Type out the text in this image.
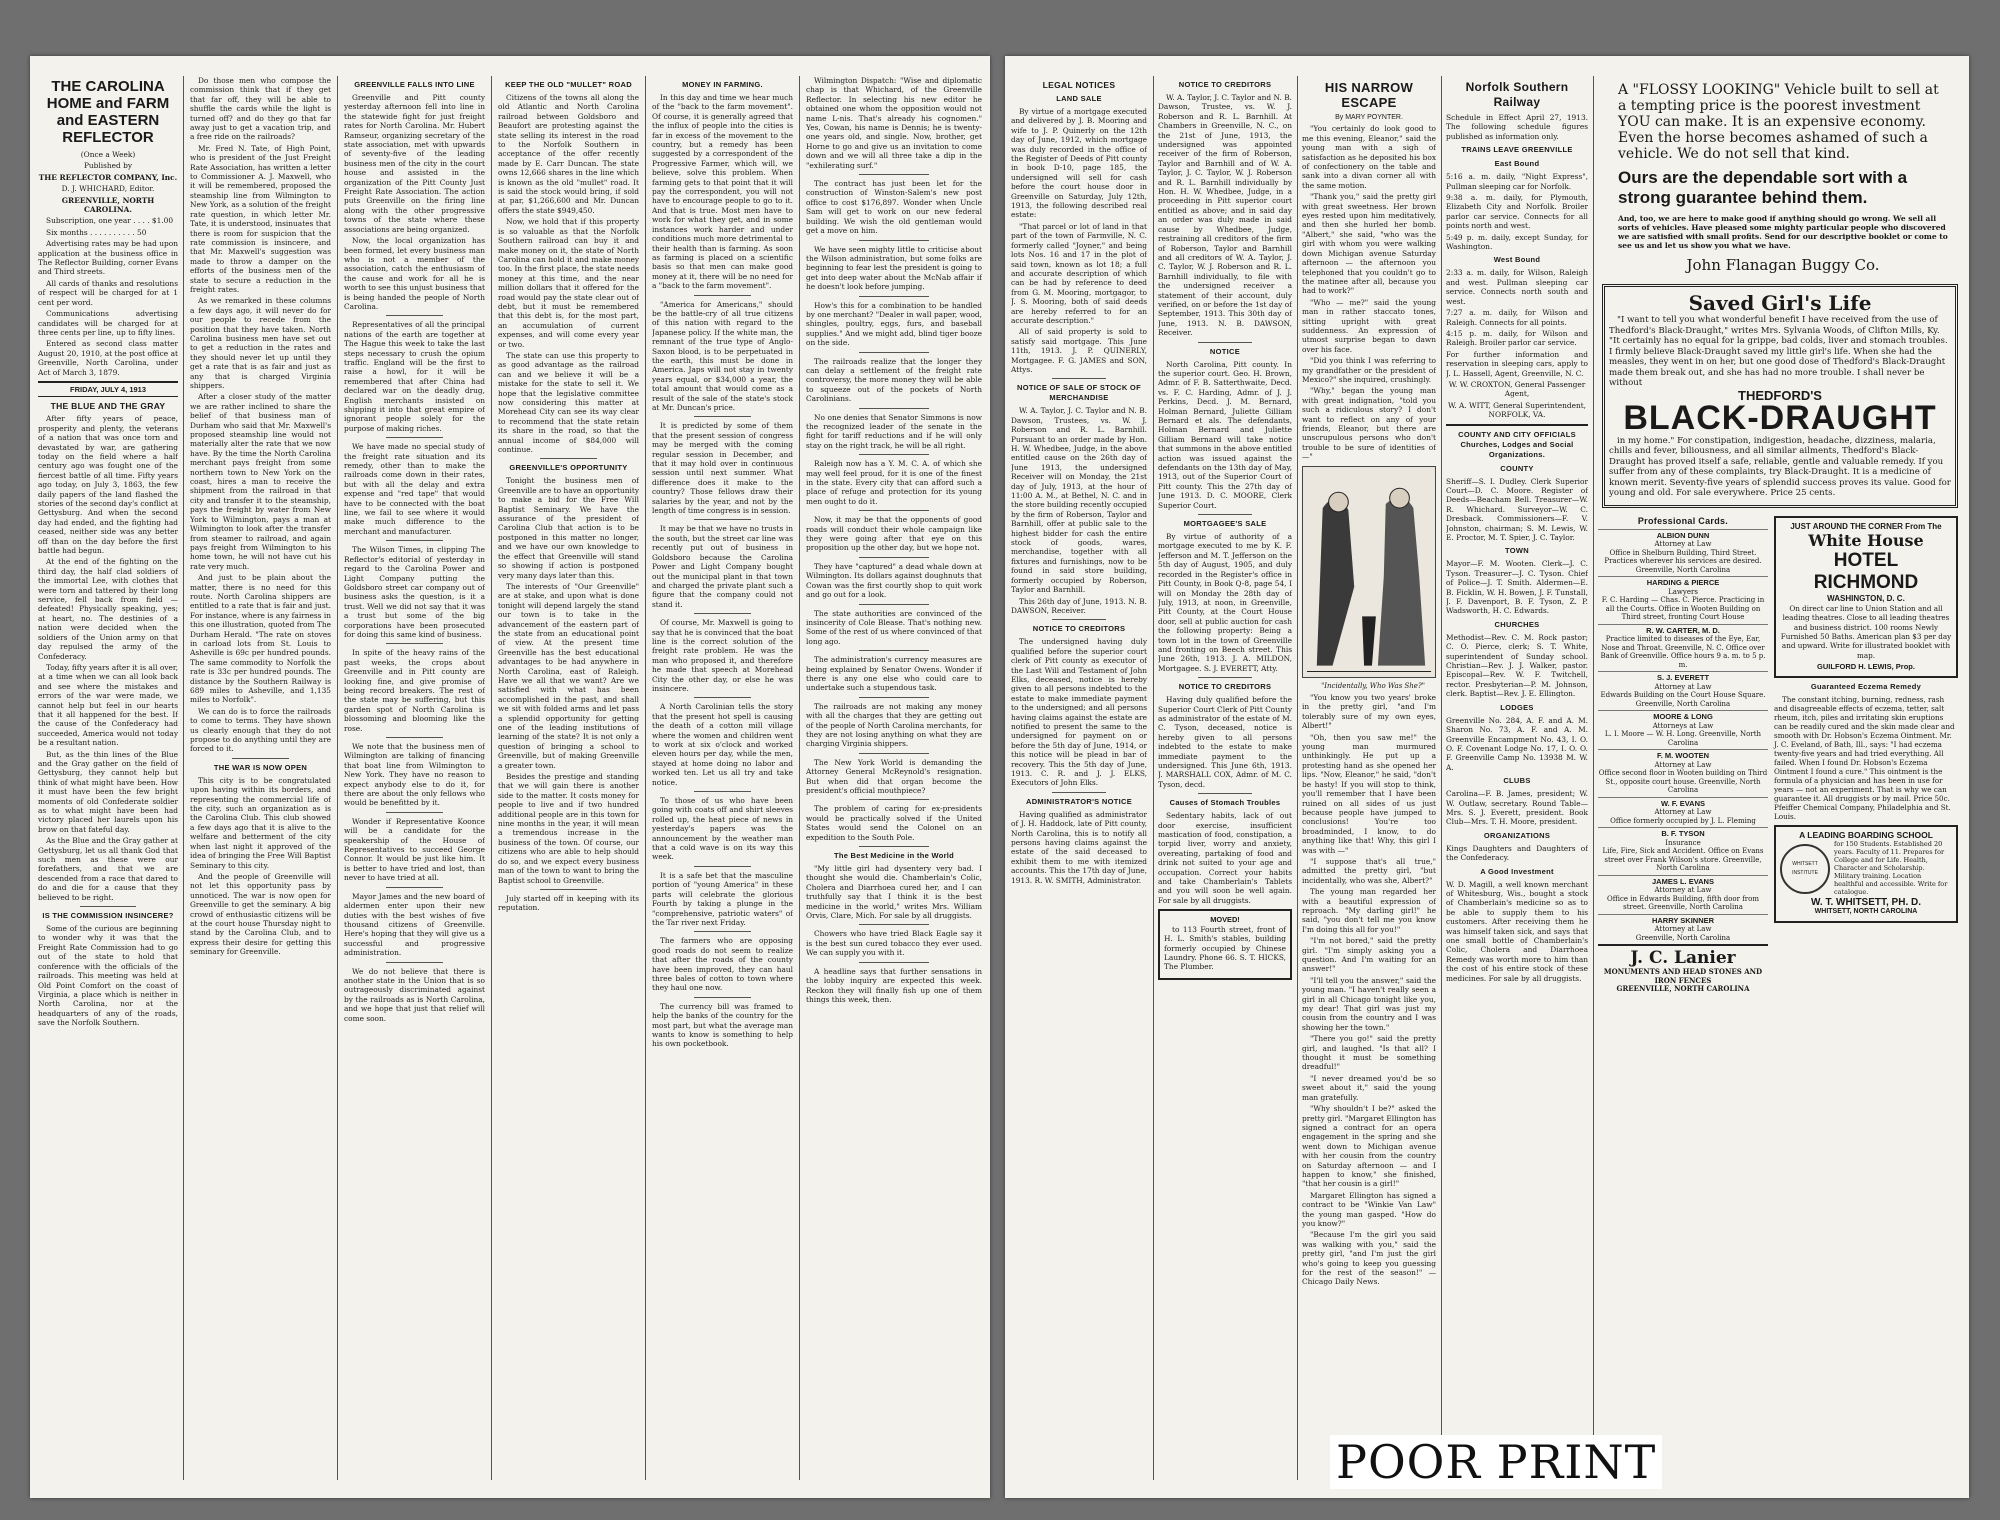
THE CAROLINA HOME and FARM and EASTERN REFLECTOR

(Once a Week)

Published by

THE REFLECTOR COMPANY, Inc.

D. J. WHICHARD, Editor.

GREENVILLE, NORTH CAROLINA.

Subscription, one year . . . . $1.00

Six months . . . . . . . . . . 50

Advertising rates may be had upon application at the business office in The Reflector Building, corner Evans and Third streets.

All cards of thanks and resolutions of respect will be charged for at 1 cent per word.

Communications advertising candidates will be charged for at three cents per line, up to fifty lines.

Entered as second class matter August 20, 1910, at the post office at Greenville, North Carolina, under Act of March 3, 1879.

FRIDAY, JULY 4, 1913
THE BLUE AND THE GRAY

After fifty years of peace, prosperity and plenty, the veterans of a nation that was once torn and devastated by war, are gathering today on the field where a half century ago was fought one of the fiercest battle of all time. Fifty years ago today, on July 3, 1863, the few daily papers of the land flashed the stories of the second day's conflict at Gettysburg. And when the second day had ended, and the fighting had ceased, neither side was any better off than on the day before the first battle had begun.

At the end of the fighting on the third day, the half clad soldiers of the immortal Lee, with clothes that were torn and tattered by their long service, fell back from field — defeated! Physically speaking, yes; at heart, no. The destinies of a nation were decided when the soldiers of the Union army on that day repulsed the army of the Confederacy.

Today, fifty years after it is all over, at a time when we can all look back and see where the mistakes and errors of the war were made, we cannot help but feel in our hearts that it all happened for the best. If the cause of the Confederacy had succeeded, America would not today be a resultant nation.

But, as the thin lines of the Blue and the Gray gather on the field of Gettysburg, they cannot help but think of what might have been. How it must have been the few bright moments of old Confederate soldier as to what might have been had victory placed her laurels upon his brow on that fateful day.

As the Blue and the Gray gather at Gettysburg, let us all thank God that such men as these were our forefathers, and that we are descended from a race that dared to do and die for a cause that they believed to be right.

IS THE COMMISSION INSINCERE?

Some of the curious are beginning to wonder why it was that the Freight Rate Commission had to go out of the state to hold that conference with the officials of the railroads. This meeting was held at Old Point Comfort on the coast of Virginia, a place which is neither in North Carolina, nor at the headquarters of any of the roads, save the Norfolk Southern.

Do those men who compose the commission think that if they get that far off, they will be able to shuffle the cards while the light is turned off? and do they go that far away just to get a vacation trip, and a free ride on the railroads?

Mr. Fred N. Tate, of High Point, who is president of the Just Freight Rate Association, has written a letter to Commissioner A. J. Maxwell, who it will be remembered, proposed the steamship line from Wilmington to New York, as a solution of the freight rate question, in which letter Mr. Tate, it is understood, insinuates that there is room for suspicion that the rate commission is insincere, and that Mr. Maxwell's suggestion was made to throw a damper on the efforts of the business men of the state to secure a reduction in the freight rates.

As we remarked in these columns a few days ago, it will never do for our people to recede from the position that they have taken. North Carolina business men have set out to get a reduction in the rates and they should never let up until they get a rate that is as fair and just as any that is charged Virginia shippers.

After a closer study of the matter we are rather inclined to share the belief of that business man of Durham who said that Mr. Maxwell's proposed steamship line would not materially alter the rate that we now have. By the time the North Carolina merchant pays freight from some northern town to New York on the coast, hires a man to receive the shipment from the railroad in that city and transfer it to the steamship, pays the freight by water from New York to Wilmington, pays a man at Wilmington to look after the transfer from steamer to railroad, and again pays freight from Wilmington to his home town, he will not have cut his rate very much.

And just to be plain about the matter, there is no need for this route. North Carolina shippers are entitled to a rate that is fair and just. For instance, where is any fairness in this one illustration, quoted from The Durham Herald. "The rate on stoves in carload lots from St. Louis to Asheville is 69c per hundred pounds. The same commodity to Norfolk the rate is 33c per hundred pounds. The distance by the Southern Railway is 689 miles to Asheville, and 1,135 miles to Norfolk".

We can do is to force the railroads to come to terms. They have shown us clearly enough that they do not propose to do anything until they are forced to it.

THE WAR IS NOW OPEN

This city is to be congratulated upon having within its borders, and representing the commercial life of the city, such an organization as is the Carolina Club. This club showed a few days ago that it is alive to the welfare and betterment of the city when last night it approved of the idea of bringing the Free Will Baptist Seminary to this city.

And the people of Greenville will not let this opportunity pass by unnoticed. The war is now open for Greenville to get the seminary. A big crowd of enthusiastic citizens will be at the court house Thursday night to stand by the Carolina Club, and to express their desire for getting this seminary for Greenville.

GREENVILLE FALLS INTO LINE

Greenville and Pitt county yesterday afternoon fell into line in the statewide fight for just freight rates for North Carolina. Mr. Hubert Ramseur, organizing secretary of the state association, met with upwards of seventy-five of the leading business men of the city in the court house and assisted in the organization of the Pitt County Just Freight Rate Association. The action puts Greenville on the firing line along with the other progressive towns of the state where these associations are being organized.

Now, the local organization has been formed, let every business man who is not a member of the association, catch the enthusiasm of the cause and work for all he is worth to see this unjust business that is being handed the people of North Carolina.

Representatives of all the principal nations of the earth are together at The Hague this week to take the last steps necessary to crush the opium traffic. England will be the first to raise a howl, for it will be remembered that after China had declared war on the deadly drug, English merchants insisted on shipping it into that great empire of ignorant people solely for the purpose of making riches.

We have made no special study of the freight rate situation and its remedy, other than to make the railroads come down in their rates, but with all the delay and extra expense and "red tape" that would have to be connected with the boat line, we fail to see where it would make much difference to the merchant and manufacturer.

The Wilson Times, in clipping The Reflector's editorial of yesterday in regard to the Carolina Power and Light Company putting the Goldsboro street car company out of business asks the question, is it a trust. Well we did not say that it was a trust but some of the big corporations have been prosecuted for doing this same kind of business.

In spite of the heavy rains of the past weeks, the crops about Greenville and in Pitt county are looking fine, and give promise of being record breakers. The rest of the state may be suffering, but this garden spot of North Carolina is blossoming and blooming like the rose.

We note that the business men of Wilmington are talking of financing that boat line from Wilmington to New York. They have no reason to expect anybody else to do it, for there are about the only fellows who would be benefitted by it.

Wonder if Representative Koonce will be a candidate for the speakership of the House of Representatives to succeed George Connor. It would be just like him. It is better to have tried and lost, than never to have tried at all.

Mayor James and the new board of aldermen enter upon their new duties with the best wishes of five thousand citizens of Greenville. Here's hoping that they will give us a successful and progressive administration.

We do not believe that there is another state in the Union that is so outrageously discriminated against by the railroads as is North Carolina, and we hope that just that relief will come soon.

KEEP THE OLD "MULLET" ROAD

Citizens of the towns all along the old Atlantic and North Carolina railroad between Goldsboro and Beaufort are protesting against the state selling its interest in the road to the Norfolk Southern in acceptance of the offer recently made by E. Carr Duncan. The state owns 12,666 shares in the line which is known as the old "mullet" road. It is said the stock would bring, if sold at par, $1,266,600 and Mr. Duncan offers the state $949,450.

Now, we hold that if this property is so valuable as that the Norfolk Southern railroad can buy it and make money on it, the state of North Carolina can hold it and make money too. In the first place, the state needs money at this time, and the near million dollars that it offered for the road would pay the state clear out of debt, but it must be remembered that this debt is, for the most part, an accumulation of current expenses, and will come every year or two.

The state can use this property to as good advantage as the railroad can and we believe it will be a mistake for the state to sell it. We hope that the legislative committee now considering this matter at Morehead City can see its way clear to recommend that the state retain its share in the road, so that the annual income of $84,000 will continue.

GREENVILLE'S OPPORTUNITY

Tonight the business men of Greenville are to have an opportunity to make a bid for the Free Will Baptist Seminary. We have the assurance of the president of Carolina Club that action is to be postponed in this matter no longer, and we have our own knowledge to the effect that Greenville will stand so showing if action is postponed very many days later than this.

The interests of "Our Greenville" are at stake, and upon what is done tonight will depend largely the stand our town is to take in the advancement of the eastern part of the state from an educational point of view. At the present time Greenville has the best educational advantages to be had anywhere in North Carolina, east of Raleigh. Have we all that we want? Are we satisfied with what has been accomplished in the past, and shall we sit with folded arms and let pass a splendid opportunity for getting one of the leading institutions of learning of the state? It is not only a question of bringing a school to Greenville, but of making Greenville a greater town.

Besides the prestige and standing that we will gain there is another side to the matter. It costs money for people to live and if two hundred additional people are in this town for nine months in the year, it will mean a tremendous increase in the business of the town. Of course, our citizens who are able to help should do so, and we expect every business man of the town to want to bring the Baptist school to Greenville.

July started off in keeping with its reputation.

MONEY IN FARMING.

In this day and time we hear much of the "back to the farm movement". Of course, it is generally agreed that the influx of people into the cities is far in excess of the movement to the country, but a remedy has been suggested by a correspondent of the Progressive Farmer, which will, we believe, solve this problem. When farming gets to that point that it will pay the correspondent, you will not have to encourage people to go to it. And that is true. Most men have to work for what they get, and in some instances work harder and under conditions much more detrimental to their health than is farming. As soon as farming is placed on a scientific basis so that men can make good money at it, there will be no need for a "back to the farm movement".

"America for Americans," should be the battle-cry of all true citizens of this nation with regard to the Japanese policy. If the white man, the remnant of the true type of Anglo-Saxon blood, is to be perpetuated in the earth, this must be done in America. Japs will not stay in twenty years equal, or $34,000 a year, the total amount that would come as a result of the sale of the state's stock at Mr. Duncan's price.

It is predicted by some of them that the present session of congress may be merged with the coming regular session in December, and that it may hold over in continuous session until next summer. What difference does it make to the country? Those fellows draw their salaries by the year, and not by the length of time congress is in session.

It may be that we have no trusts in the south, but the street car line was recently put out of business in Goldsboro because the Carolina Power and Light Company bought out the municipal plant in that town and charged the private plant such a figure that the company could not stand it.

Of course, Mr. Maxwell is going to say that he is convinced that the boat line is the correct solution of the freight rate problem. He was the man who proposed it, and therefore he made that speech at Morehead City the other day, or else he was insincere.

A North Carolinian tells the story that the present hot spell is causing the death of a cotton mill village where the women and children went to work at six o'clock and worked eleven hours per day, while the men, stayed at home doing no labor and worked ten. Let us all try and take notice.

To those of us who have been going with coats off and shirt sleeves rolled up, the heat piece of news in yesterday's papers was the announcement by the weather man that a cold wave is on its way this week.

It is a safe bet that the masculine portion of "young America" in these parts will celebrate the glorious Fourth by taking a plunge in the "comprehensive, patriotic waters" of the Tar river next Friday.

The farmers who are opposing good roads do not seem to realize that after the roads of the county have been improved, they can haul three bales of cotton to town where they haul one now.

The currency bill was framed to help the banks of the country for the most part, but what the average man wants to know is something to help his own pocketbook.

Wilmington Dispatch: "Wise and diplomatic chap is that Whichard, of the Greenville Reflector. In selecting his new editor he obtained one whom the opposition would not name L-nis. That's already his cognomen." Yes, Cowan, his name is Dennis; he is twenty-one years old, and single. Now, brother, get Horne to go and give us an invitation to come down and we will all three take a dip in the "exhilerating surf."

The contract has just been let for the construction of Winston-Salem's new post office to cost $176,897. Wonder when Uncle Sam will get to work on our new federal building. We wish the old gentleman would get a move on him.

We have seen mighty little to criticise about the Wilson administration, but some folks are beginning to fear lest the president is going to get into deep water about the McNab affair if he doesn't look before jumping.

How's this for a combination to be handled by one merchant? "Dealer in wall paper, wood, shingles, poultry, eggs, furs, and baseball supplies." And we might add, blind tiger booze on the side.

The railroads realize that the longer they can delay a settlement of the freight rate controversy, the more money they will be able to squeeze out of the pockets of North Carolinians.

No one denies that Senator Simmons is now the recognized leader of the senate in the fight for tariff reductions and if he will only stay on the right track, he will be all right.

Raleigh now has a Y. M. C. A. of which she may well feel proud, for it is one of the finest in the state. Every city that can afford such a place of refuge and protection for its young men ought to do it.

Now, it may be that the opponents of good roads will conduct their whole campaign like they were going after that eye on this proposition up the other day, but we hope not.

They have "captured" a dead whale down at Wilmington. Its dollars against doughnuts that Cowan was the first courtly shop to quit work and go out for a look.

The state authorities are convinced of the insincerity of Cole Blease. That's nothing new. Some of the rest of us where convinced of that long ago.

The administration's currency measures are being explained by Senator Owens. Wonder if there is any one else who could care to undertake such a stupendous task.

The railroads are not making any money with all the charges that they are getting out of the people of North Carolina merchants, for they are not losing anything on what they are charging Virginia shippers.

The New York World is demanding the Attorney General McReynold's resignation. But when did that organ become the president's official mouthpiece?

The problem of caring for ex-presidents would be practically solved if the United States would send the Colonel on an expedition to the South Pole.

The Best Medicine in the World

"My little girl had dysentery very bad. I thought she would die. Chamberlain's Colic, Cholera and Diarrhoea cured her, and I can truthfully say that I think it is the best medicine in the world," writes Mrs. William Orvis, Clare, Mich. For sale by all druggists.

Chowers who have tried Black Eagle say it is the best sun cured tobacco they ever used. We can supply you with it.

A headline says that further sensations in the lobby inquiry are expected this week. Reckon they will finally fish up one of them things this week, then.

LEGAL NOTICES
LAND SALE

By virtue of a mortgage executed and delivered by J. B. Mooring and wife to J. P. Quinerly on the 12th day of June, 1912, which mortgage was duly recorded in the office of the Register of Deeds of Pitt county in book D-10, page 185, the undersigned will sell for cash before the court house door in Greenville on Saturday, July 12th, 1913, the following described real estate:

"That parcel or lot of land in that part of the town of Farmville, N. C. formerly called "Joyner," and being lots Nos. 16 and 17 in the plot of said town, known as lot 18; a full and accurate description of which can be had by reference to deed from G. M. Mooring, mortgagor, to J. S. Mooring, both of said deeds are hereby referred to for an accurate description."

All of said property is sold to satisfy said mortgage. This June 11th, 1913. J. P. QUINERLY, Mortgagee. F. G. JAMES and SON, Attys.

NOTICE OF SALE OF STOCK OF MERCHANDISE

W. A. Taylor, J. C. Taylor and N. B. Dawson, Trustees, vs. W. J. Roberson and R. L. Barnhill. Pursuant to an order made by Hon. H. W. Whedbee, Judge, in the above entitled cause on the 26th day of June 1913, the undersigned Receiver will on Monday, the 21st day of July, 1913, at the hour of 11:00 A. M., at Bethel, N. C. and in the store building recently occupied by the firm of Roberson, Taylor and Barnhill, offer at public sale to the highest bidder for cash the entire stock of goods, wares, merchandise, together with all fixtures and furnishings, now to be found in said store building, formerly occupied by Roberson, Taylor and Barnhill.

This 26th day of June, 1913. N. B. DAWSON, Receiver.

NOTICE TO CREDITORS

The undersigned having duly qualified before the superior court clerk of Pitt county as executor of the Last Will and Testament of John Elks, deceased, notice is hereby given to all persons indebted to the estate to make immediate payment to the undersigned; and all persons having claims against the estate are notified to present the same to the undersigned for payment on or before the 5th day of June, 1914, or this notice will be plead in bar of recovery. This the 5th day of June, 1913. C. R. and J. J. ELKS, Executors of John Elks.

ADMINISTRATOR'S NOTICE

Having qualified as administrator of J. H. Haddock, late of Pitt county, North Carolina, this is to notify all persons having claims against the estate of the said deceased to exhibit them to me with itemized accounts. This the 17th day of June, 1913. R. W. SMITH, Administrator.

NOTICE TO CREDITORS

W. A. Taylor, J. C. Taylor and N. B. Dawson, Trustee, vs. W. J. Roberson and R. L. Barnhill. At Chambers in Greenville, N. C., on the 21st of June, 1913, the undersigned was appointed receiver of the firm of Roberson, Taylor and Barnhill and of W. A. Taylor, J. C. Taylor, W. J. Roberson and R. L. Barnhill individually by Hon. H. W. Whedbee, Judge, in a proceeding in Pitt superior court entitled as above; and in said day an order was duly made in said cause by Whedbee, Judge, restraining all creditors of the firm of Roberson, Taylor and Barnhill and all creditors of W. A. Taylor, J. C. Taylor, W. J. Roberson and R. L. Barnhill individually, to file with the undersigned receiver a statement of their account, duly verified, on or before the 1st day of September, 1913. This 30th day of June, 1913. N. B. DAWSON, Receiver.

NOTICE

North Carolina, Pitt county. In the superior court. Geo. H. Brown, Admr. of F. B. Satterthwaite, Decd. vs. F. C. Harding, Admr. of J. J. Perkins, Decd. J. M. Bernard, Holman Bernard, Juliette Gilliam Bernard et als. The defendants, Holman Bernard and Juliette Gilliam Bernard will take notice that summons in the above entitled action was issued against the defendants on the 13th day of May, 1913, out of the Superior Court of Pitt county. This the 27th day of June 1913. D. C. MOORE, Clerk Superior Court.

MORTGAGEE'S SALE

By virtue of authority of a mortgage executed to me by K. F. Jefferson and M. T. Jefferson on the 5th day of August, 1905, and duly recorded in the Register's office in Pitt County, in Book Q-8, page 54, I will on Monday the 28th day of July, 1913, at noon, in Greenville, Pitt County, at the Court House door, sell at public auction for cash the following property: Being a town lot in the town of Greenville and fronting on Beech street. This June 26th, 1913. J. A. MILDON, Mortgagee. S. J. EVERETT, Atty.

NOTICE TO CREDITORS

Having duly qualified before the Superior Court Clerk of Pitt County as administrator of the estate of M. C. Tyson, deceased, notice is hereby given to all persons indebted to the estate to make immediate payment to the undersigned. This June 6th, 1913. J. MARSHALL COX, Admr. of M. C. Tyson, decd.

Causes of Stomach Troubles

Sedentary habits, lack of out door exercise, insufficient mastication of food, constipation, a torpid liver, worry and anxiety, overeating, partaking of food and drink not suited to your age and occupation. Correct your habits and take Chamberlain's Tablets and you will soon be well again. For sale by all druggists.

MOVED!

to 113 Fourth street, front of H. L. Smith's stables, building formerly occupied by Chinese Laundry. Phone 66. S. T. HICKS, The Plumber.

HIS NARROW ESCAPE

By MARY POYNTER.

"You certainly do look good to me this evening, Eleanor," said the young man with a sigh of satisfaction as he deposited his box of confectionery on the table and sank into a divan corner all with the same motion.

"Thank you," said the pretty girl with great sweetness. Her brown eyes rested upon him meditatively, and then she hurled her bomb. "Albert," she said, "who was the girl with whom you were walking down Michigan avenue Saturday afternoon — the afternoon you telephoned that you couldn't go to the matinee after all, because you had to work?"

"Who — me?" said the young man in rather staccato tones, sitting upright with great suddenness. An expression of utmost surprise began to dawn over his face.

"Did you think I was referring to my grandfather or the president of Mexico?" she inquired, crushingly.

"Why," began the young man with great indignation, "told you such a ridiculous story? I don't want to reflect on any of your friends, Eleanor, but there are unscrupulous persons who don't trouble to be sure of identities of —"

"Incidentally, Who Was She?"

"You know you two years' broke in the pretty girl, "and I'm tolerably sure of my own eyes, Albert!"

"Oh, then you saw me!" the young man murmured unthinkingly. He put up a protesting hand as she opened her lips. "Now, Eleanor," he said, "don't be hasty! If you will stop to think, you'll remember that I have been ruined on all sides of us just because people have jumped to conclusions! You're too broadminded, I know, to do anything like that! Why, this girl I was with —"

"I suppose that's all true," admitted the pretty girl, "but incidentally, who was she, Albert?"

The young man regarded her with a beautiful expression of reproach. "My darling girl!" he said, "you don't tell me you know I'm doing this all for you!"

"I'm not bored," said the pretty girl. "I'm simply asking you a question. And I'm waiting for an answer!"

"I'll tell you the answer," said the young man. "I haven't really seen a girl in all Chicago tonight like you, my dear! That girl was just my cousin from the country and I was showing her the town."

"There you go!" said the pretty girl, and laughed. "Is that all? I thought it must be something dreadful!"

"I never dreamed you'd be so sweet about it," said the young man gratefully.

"Why shouldn't I be?" asked the pretty girl. "Margaret Ellington has signed a contract for an opera engagement in the spring and she went down to Michigan avenue with her cousin from the country on Saturday afternoon — and I happen to know," she finished, "that her cousin is a girl!"

Margaret Ellington has signed a contract to be "Winkie Van Law" the young man gasped. "How do you know?"

"Because I'm the girl you said was walking with you," said the pretty girl, "and I'm just the girl who's going to keep you guessing for the rest of the season!" — Chicago Daily News.

Norfolk Southern Railway

Schedule in Effect April 27, 1913. The following schedule figures published as information only.

TRAINS LEAVE GREENVILLE
East Bound

5:16 a. m. daily, "Night Express", Pullman sleeping car for Norfolk.

9:38 a. m. daily, for Plymouth, Elizabeth City and Norfolk. Broiler parlor car service. Connects for all points north and west.

5:49 p. m. daily, except Sunday, for Washington.

West Bound

2:33 a. m. daily, for Wilson, Raleigh and west. Pullman sleeping car service. Connects north south and west.

7:27 a. m. daily, for Wilson and Raleigh. Connects for all points.

4:15 p. m. daily, for Wilson and Raleigh. Broiler parlor car service.

For further information and reservation in sleeping cars, apply to J. L. Hassell, Agent, Greenville, N. C.

W. W. CROXTON, General Passenger Agent,

W. A. WITT, General Superintendent, NORFOLK, VA.

COUNTY AND CITY OFFICIALS Churches, Lodges and Social Organizations.
COUNTY

Sheriff—S. I. Dudley. Clerk Superior Court—D. C. Moore. Register of Deeds—Beacham Bell. Treasurer—W. R. Whichard. Surveyor—W. C. Dresback. Commissioners—F. V. Johnston, chairman; S. M. Lewis, W. E. Proctor, M. T. Spier, J. C. Taylor.

TOWN

Mayor—F. M. Wooten. Clerk—J. C. Tyson. Treasurer—J. C. Tyson. Chief of Police—J. T. Smith. Aldermen—E. B. Ficklin, W. H. Bowen, J. F. Tunstall, J. F. Davenport, B. F. Tyson, Z. P. Wadsworth, H. C. Edwards.

CHURCHES

Methodist—Rev. C. M. Rock pastor; C. O. Pierce, clerk; S. T. White, superintendent of Sunday school. Christian—Rev. J. J. Walker, pastor. Episcopal—Rev. W. F. Twitchell, rector. Presbyterian—P. M. Johnson, clerk. Baptist—Rev. J. E. Ellington.

LODGES

Greenville No. 284, A. F. and A. M. Sharon No. 73, A. F. and A. M. Greenville Encampment No. 43, I. O. O. F. Covenant Lodge No. 17, I. O. O. F. Greenville Camp No. 13938 M. W. A.

CLUBS

Carolina—F. B. James, president; W. W. Outlaw, secretary. Round Table—Mrs. S. J. Everett, president. Book Club—Mrs. T. H. Moore, president.

ORGANIZATIONS

Kings Daughters and Daughters of the Confederacy.

A Good Investment

W. D. Magill, a well known merchant of Whitesburg, Wis., bought a stock of Chamberlain's medicine so as to be able to supply them to his customers. After receiving them he was himself taken sick, and says that one small bottle of Chamberlain's Colic, Cholera and Diarrhoea Remedy was worth more to him than the cost of his entire stock of these medicines. For sale by all druggists.

A "FLOSSY LOOKING" Vehicle built to sell at a tempting price is the poorest investment YOU can make. It is an expensive economy. Even the horse becomes ashamed of such a vehicle. We do not sell that kind.

Ours are the dependable sort with a strong guarantee behind them.

And, too, we are here to make good if anything should go wrong. We sell all sorts of vehicles. Have pleased some mighty particular people who discovered we are satisfied with small profits. Send for our descriptive booklet or come to see us and let us show you what we have.

John Flanagan Buggy Co.

Saved Girl's Life

"I want to tell you what wonderful benefit I have received from the use of Thedford's Black-Draught," writes Mrs. Sylvania Woods, of Clifton Mills, Ky. "It certainly has no equal for la grippe, bad colds, liver and stomach troubles. I firmly believe Black-Draught saved my little girl's life. When she had the measles, they went in on her, but one good dose of Thedford's Black-Draught made them break out, and she has had no more trouble. I shall never be without

THEDFORD'S
BLACK-DRAUGHT

in my home." For constipation, indigestion, headache, dizziness, malaria, chills and fever, biliousness, and all similar ailments, Thedford's Black-Draught has proved itself a safe, reliable, gentle and valuable remedy. If you suffer from any of these complaints, try Black-Draught. It is a medicine of known merit. Seventy-five years of splendid success proves its value. Good for young and old. For sale everywhere. Price 25 cents.

Professional Cards.
ALBION DUNN
Attorney at Law
Office in Shelburn Building, Third Street. Practices wherever his services are desired. Greenville, North Carolina
HARDING & PIERCE
Lawyers
F. C. Harding — Chas. C. Pierce. Practicing in all the Courts. Office in Wooten Building on Third street, fronting Court House
R. W. CARTER, M. D.
Practice limited to diseases of the Eye, Ear, Nose and Throat. Greenville, N. C. Office over Bank of Greenville. Office hours 9 a. m. to 5 p. m.
S. J. EVERETT
Attorney at Law
Edwards Building on the Court House Square. Greenville, North Carolina
MOORE & LONG
Attorneys at Law
L. I. Moore — W. H. Long. Greenville, North Carolina
F. M. WOOTEN
Attorney at Law
Office second floor in Wooten building on Third St., opposite court house. Greenville, North Carolina
W. F. EVANS
Attorney at Law
Office formerly occupied by J. L. Fleming
B. F. TYSON
Insurance
Life, Fire, Sick and Accident. Office on Evans street over Frank Wilson's store. Greenville, North Carolina
JAMES L. EVANS
Attorney at Law
Office in Edwards Building, fifth door from street. Greenville, North Carolina
HARRY SKINNER
Attorney at Law
Greenville, North Carolina
J. C. Lanier
MONUMENTS AND HEAD STONES AND IRON FENCES
GREENVILLE, NORTH CAROLINA
JUST AROUND THE CORNER From The
White House
HOTEL RICHMOND
WASHINGTON, D. C.

On direct car line to Union Station and all leading theatres. Close to all leading theatres and business district. 100 rooms Newly Furnished 50 Baths. American plan $3 per day and upward. Write for illustrated booklet with map.

GUILFORD H. LEWIS, Prop.
Guaranteed Eczema Remedy

The constant itching, burning, redness, rash and disagreeable effects of eczema, tetter, salt rheum, itch, piles and irritating skin eruptions can be readily cured and the skin made clear and smooth with Dr. Hobson's Eczema Ointment. Mr. J. C. Eveland, of Bath, Ill., says: "I had eczema twenty-five years and had tried everything. All failed. When I found Dr. Hobson's Eczema Ointment I found a cure." This ointment is the formula of a physician and has been in use for years — not an experiment. That is why we can guarantee it. All druggists or by mail. Price 50c. Pfeiffer Chemical Company, Philadelphia and St. Louis.

A LEADING BOARDING SCHOOL
WHITSETT INSTITUTE

for 150 Students. Established 20 years. Faculty of 11. Prepares for College and for Life. Health, Character and Scholarship. Military training. Location healthful and accessible. Write for catalogue.

W. T. WHITSETT, PH. D.
WHITSETT, NORTH CAROLINA
POOR PRINT
